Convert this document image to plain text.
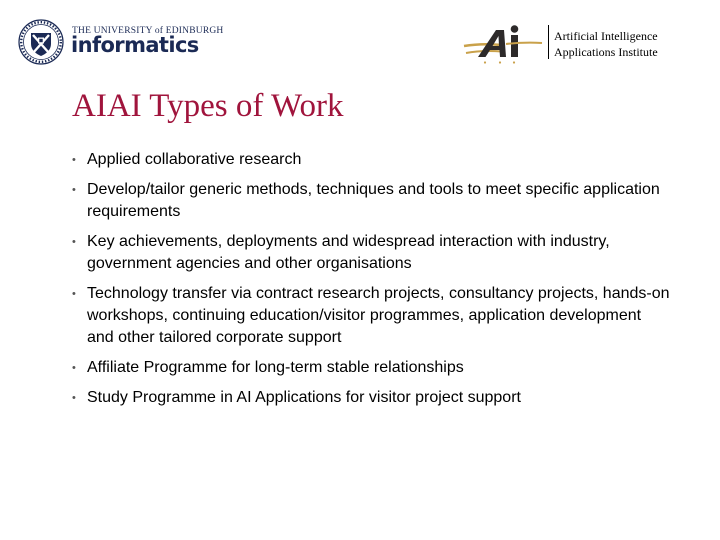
THE UNIVERSITY of EDINBURGH
informatics	Artificial Intelligence
Applications Institute
AIAI Types of Work
• Applied collaborative research
• Develop/tailor generic methods, techniques and tools to meet specific application requirements
• Key achievements, deployments and widespread interaction with industry, government agencies and other organisations
• Technology transfer via contract research projects, consultancy projects, hands-on workshops, continuing education/visitor programmes, application development and other tailored corporate support
• Affiliate Programme for long-term stable relationships
• Study Programme in AI Applications for visitor project support
